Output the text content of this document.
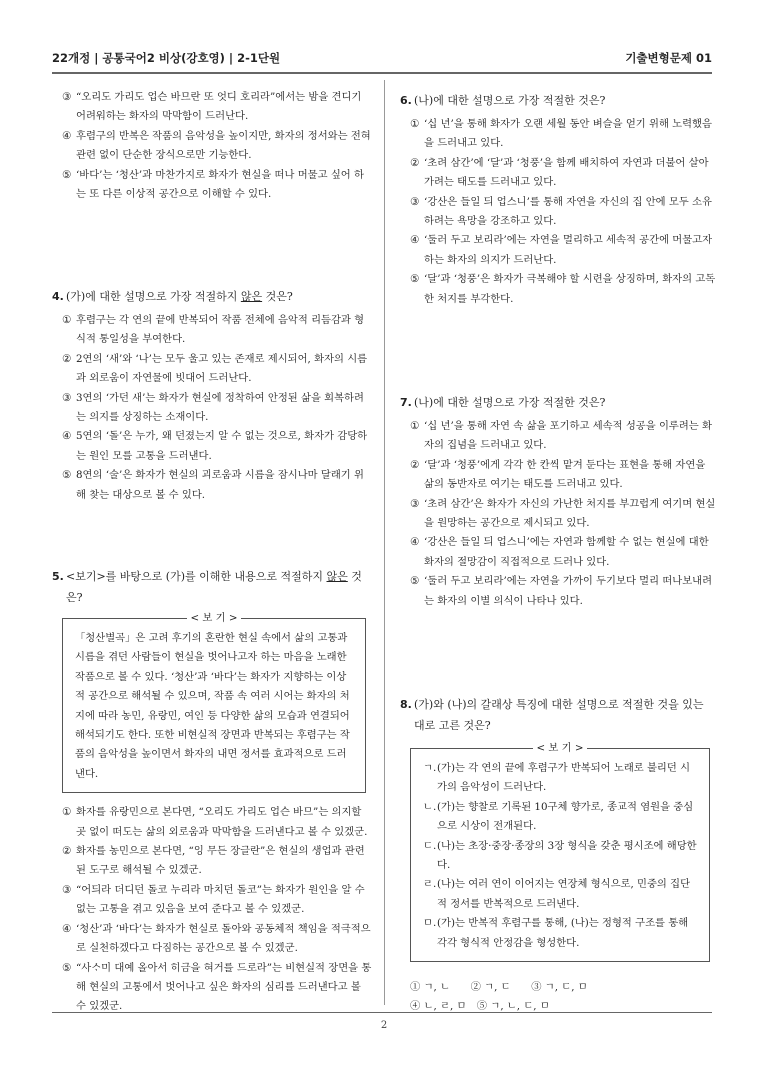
22개정 | 공통국어2 비상(강호영) | 2-1단원	기출변형문제 01
2
③ “오리도 가리도 업슨 바므란 또 엇디 호리라”에서는 밤을 견디기 어려워하는 화자의 막막함이 드러난다.
④ 후렴구의 반복은 작품의 음악성을 높이지만, 화자의 정서와는 전혀 관련 없이 단순한 장식으로만 기능한다.
⑤ ‘바다’는 ‘청산’과 마찬가지로 화자가 현실을 떠나 머물고 싶어 하는 또 다른 이상적 공간으로 이해할 수 있다.
4. (가)에 대한 설명으로 가장 적절하지 않은 것은?
① 후렴구는 각 연의 끝에 반복되어 작품 전체에 음악적 리듬감과 형식적 통일성을 부여한다.
② 2연의 ‘새’와 ‘나’는 모두 울고 있는 존재로 제시되어, 화자의 시름과 외로움이 자연물에 빗대어 드러난다.
③ 3연의 ‘가던 새’는 화자가 현실에 정착하여 안정된 삶을 회복하려는 의지를 상징하는 소재이다.
④ 5연의 ‘돌’은 누가, 왜 던졌는지 알 수 없는 것으로, 화자가 감당하는 원인 모를 고통을 드러낸다.
⑤ 8연의 ‘술’은 화자가 현실의 괴로움과 시름을 잠시나마 달래기 위해 찾는 대상으로 볼 수 있다.
5. <보기>를 바탕으로 (가)를 이해한 내용으로 적절하지 않은 것은?
< 보 기 >
「청산별곡」은 고려 후기의 혼란한 현실 속에서 삶의 고통과 시름을 겪던 사람들이 현실을 벗어나고자 하는 마음을 노래한 작품으로 볼 수 있다. ‘청산’과 ‘바다’는 화자가 지향하는 이상적 공간으로 해석될 수 있으며, 작품 속 여러 시어는 화자의 처지에 따라 농민, 유랑민, 여인 등 다양한 삶의 모습과 연결되어 해석되기도 한다. 또한 비현실적 장면과 반복되는 후렴구는 작품의 음악성을 높이면서 화자의 내면 정서를 효과적으로 드러낸다.
① 화자를 유랑민으로 본다면, “오리도 가리도 업슨 바므”는 의지할 곳 없이 떠도는 삶의 외로움과 막막함을 드러낸다고 볼 수 있겠군.
② 화자를 농민으로 본다면, “잉 무든 장글란”은 현실의 생업과 관련된 도구로 해석될 수 있겠군.
③ “어듸라 더디던 돌코 누리라 마치던 돌코”는 화자가 원인을 알 수 없는 고통을 겪고 있음을 보여 준다고 볼 수 있겠군.
④ ‘청산’과 ‘바다’는 화자가 현실로 돌아와 공동체적 책임을 적극적으로 실천하겠다고 다짐하는 공간으로 볼 수 있겠군.
⑤ “사ᄉᆞ미 대예 올아서 히금을 혀거를 드로라”는 비현실적 장면을 통해 현실의 고통에서 벗어나고 싶은 화자의 심리를 드러낸다고 볼 수 있겠군.
6. (나)에 대한 설명으로 가장 적절한 것은?
① ‘십 년’을 통해 화자가 오랜 세월 동안 벼슬을 얻기 위해 노력했음을 드러내고 있다.
② ‘초려 삼간’에 ‘달’과 ‘청풍’을 함께 배치하여 자연과 더불어 살아가려는 태도를 드러내고 있다.
③ ‘강산은 들일 듸 업스니’를 통해 자연을 자신의 집 안에 모두 소유하려는 욕망을 강조하고 있다.
④ ‘둘러 두고 보리라’에는 자연을 멀리하고 세속적 공간에 머물고자 하는 화자의 의지가 드러난다.
⑤ ‘달’과 ‘청풍’은 화자가 극복해야 할 시련을 상징하며, 화자의 고독한 처지를 부각한다.
7. (나)에 대한 설명으로 가장 적절한 것은?
① ‘십 년’을 통해 자연 속 삶을 포기하고 세속적 성공을 이루려는 화자의 집념을 드러내고 있다.
② ‘달’과 ‘청풍’에게 각각 한 칸씩 맡겨 둔다는 표현을 통해 자연을 삶의 동반자로 여기는 태도를 드러내고 있다.
③ ‘초려 삼간’은 화자가 자신의 가난한 처지를 부끄럽게 여기며 현실을 원망하는 공간으로 제시되고 있다.
④ ‘강산은 들일 듸 업스니’에는 자연과 함께할 수 없는 현실에 대한 화자의 절망감이 직접적으로 드러나 있다.
⑤ ‘둘러 두고 보리라’에는 자연을 가까이 두기보다 멀리 떠나보내려는 화자의 이별 의식이 나타나 있다.
8. (가)와 (나)의 갈래상 특징에 대한 설명으로 적절한 것을 있는 대로 고른 것은?
< 보 기 >
ㄱ. (가)는 각 연의 끝에 후렴구가 반복되어 노래로 불리던 시가의 음악성이 드러난다.
ㄴ. (가)는 향찰로 기록된 10구체 향가로, 종교적 염원을 중심으로 시상이 전개된다.
ㄷ. (나)는 초장·중장·종장의 3장 형식을 갖춘 평시조에 해당한다.
ㄹ. (나)는 여러 연이 이어지는 연장체 형식으로, 민중의 집단적 정서를 반복적으로 드러낸다.
ㅁ. (가)는 반복적 후렴구를 통해, (나)는 정형적 구조를 통해 각각 형식적 안정감을 형성한다.
① ㄱ, ㄴ　　② ㄱ, ㄷ　　③ ㄱ, ㄷ, ㅁ
④ ㄴ, ㄹ, ㅁ　⑤ ㄱ, ㄴ, ㄷ, ㅁ
